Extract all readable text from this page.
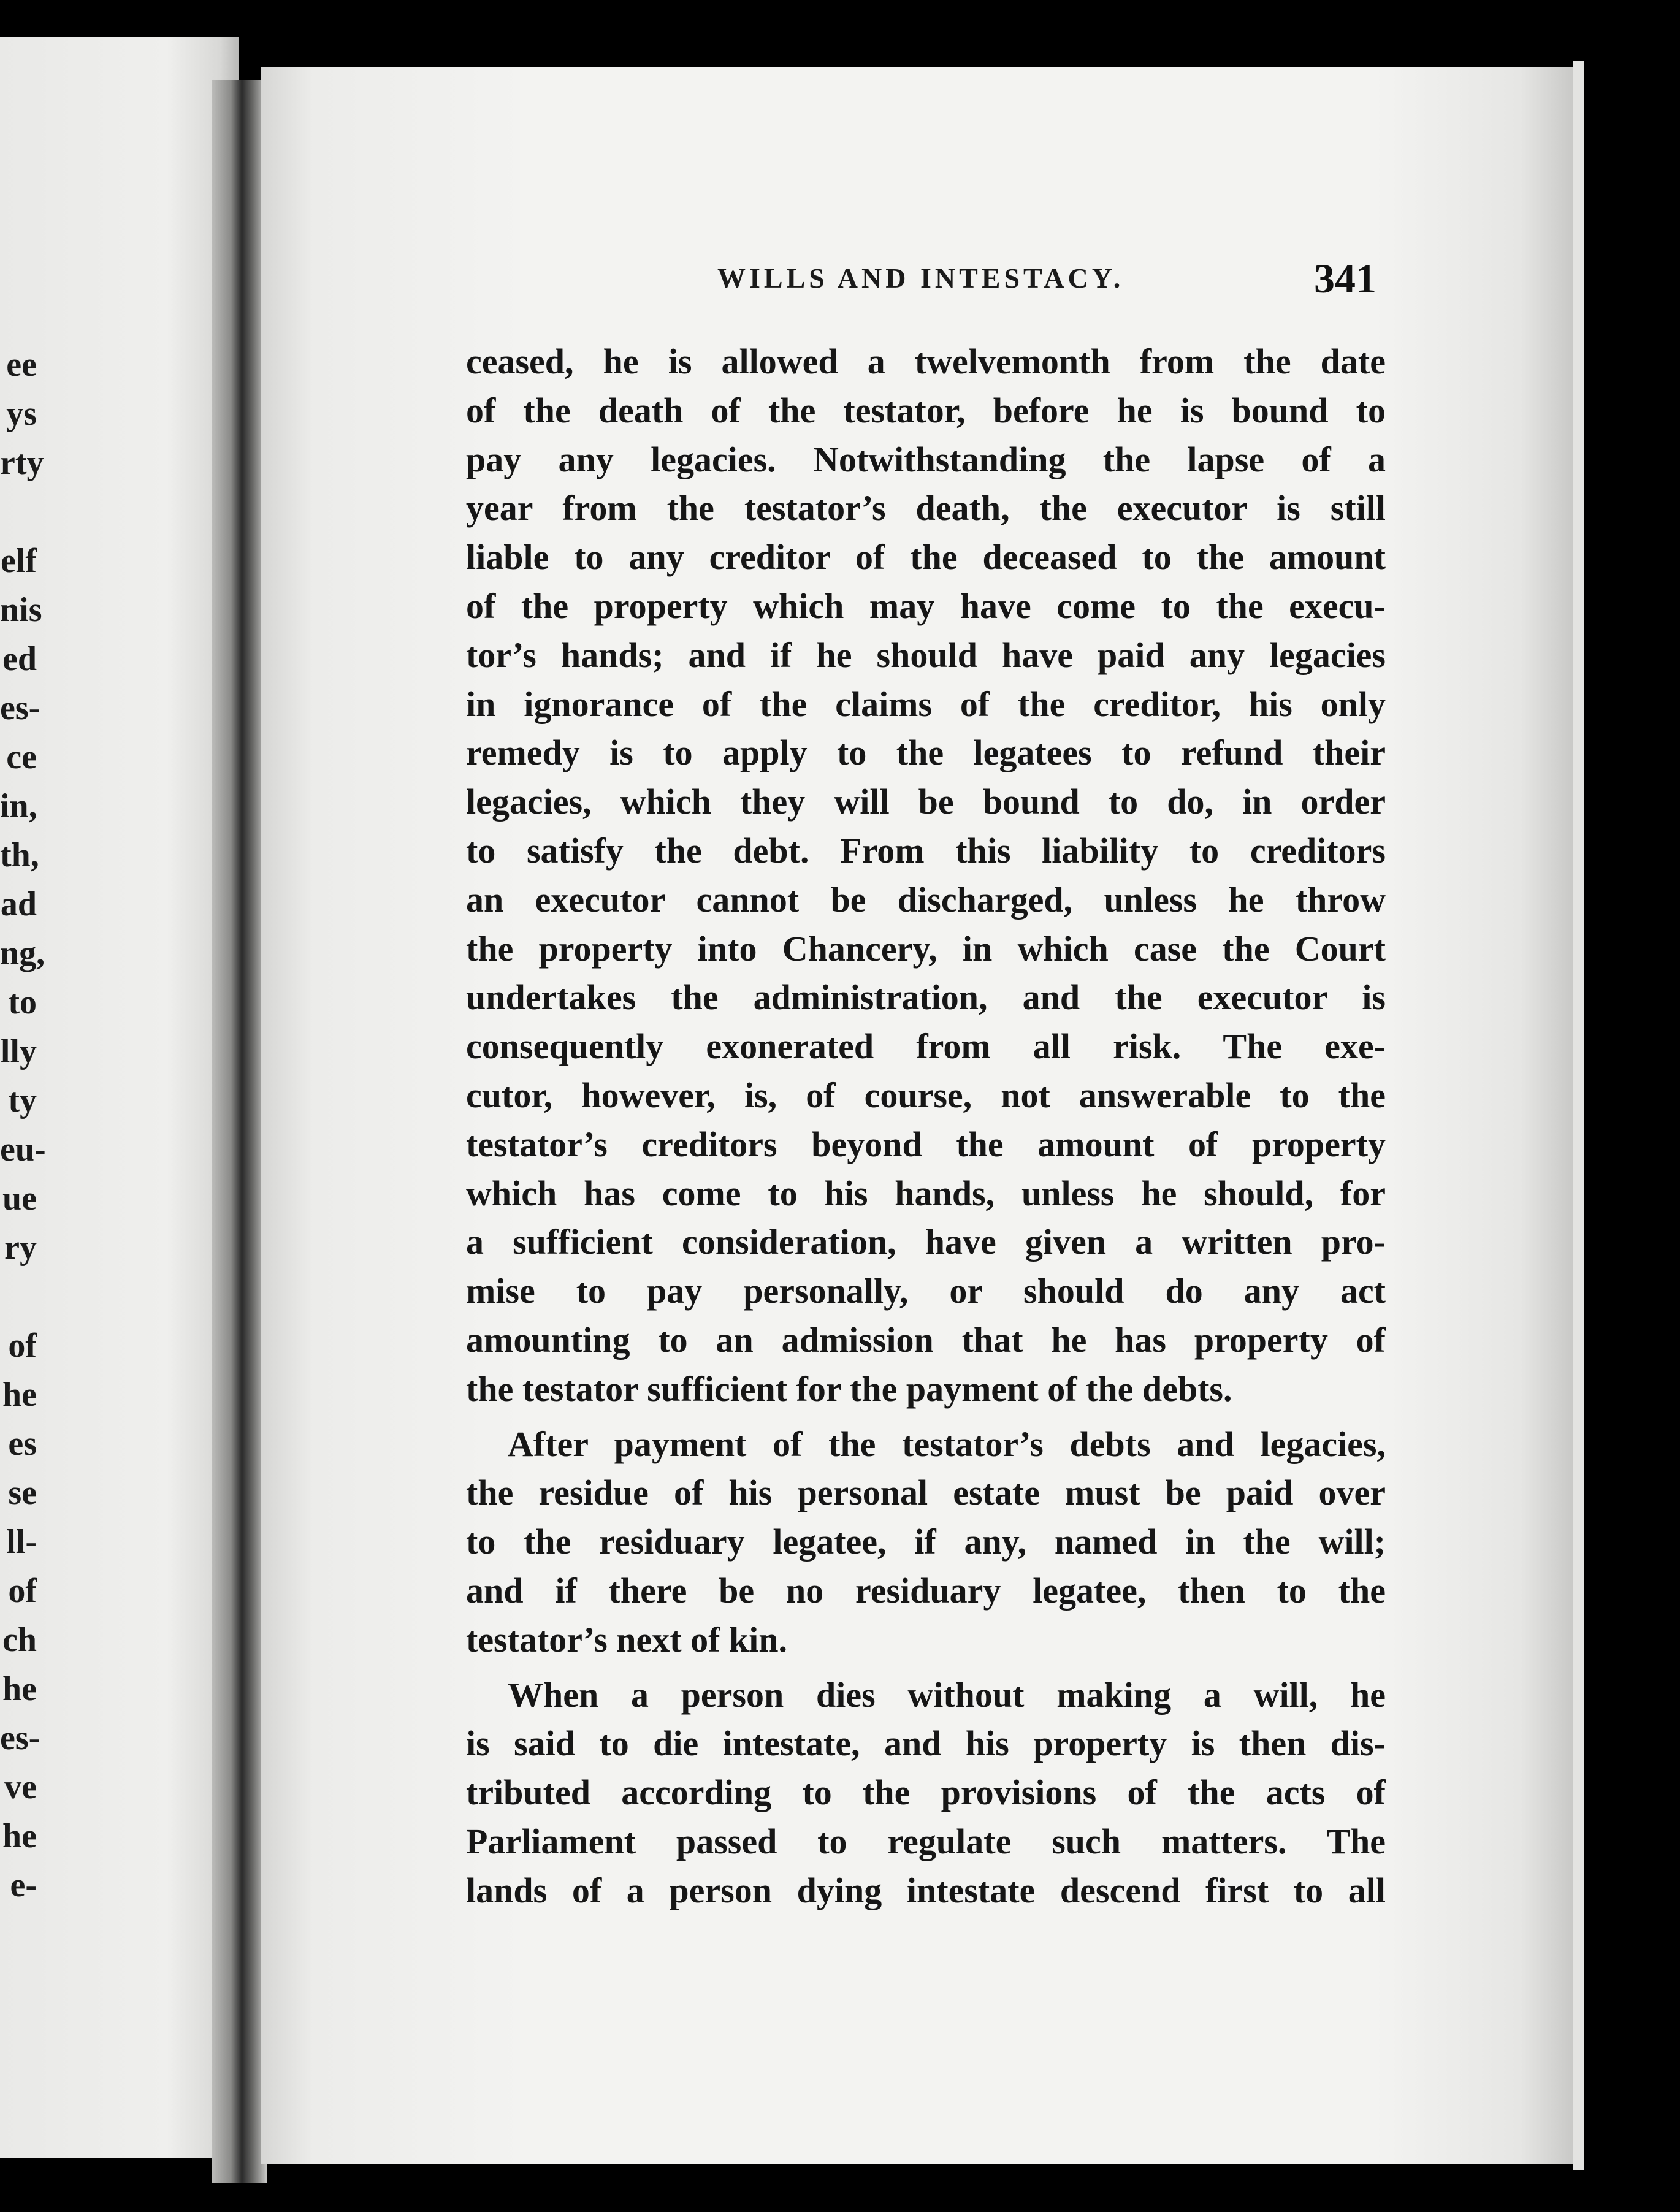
ee
ys
rty
elf
nis
ed
es-
ce
in,
th,
ad
ng,
to
lly
ty
eu-
ue
ry
of
he
es
se
ll-
of
ch
he
es-
ve
he
e-
WILLS AND INTESTACY.	341
ceased, he is allowed a twelvemonth from the date
of the death of the testator, before he is bound to
pay any legacies. Notwithstanding the lapse of a
year from the testator’s death, the executor is still
liable to any creditor of the deceased to the amount
of the property which may have come to the execu-
tor’s hands; and if he should have paid any legacies
in ignorance of the claims of the creditor, his only
remedy is to apply to the legatees to refund their
legacies, which they will be bound to do, in order
to satisfy the debt. From this liability to creditors
an executor cannot be discharged, unless he throw
the property into Chancery, in which case the Court
undertakes the administration, and the executor is
consequently exonerated from all risk. The exe-
cutor, however, is, of course, not answerable to the
testator’s creditors beyond the amount of property
which has come to his hands, unless he should, for
a sufficient consideration, have given a written pro-
mise to pay personally, or should do any act
amounting to an admission that he has property of
the testator sufficient for the payment of the debts.
After payment of the testator’s debts and legacies,
the residue of his personal estate must be paid over
to the residuary legatee, if any, named in the will;
and if there be no residuary legatee, then to the
testator’s next of kin.
When a person dies without making a will, he
is said to die intestate, and his property is then dis-
tributed according to the provisions of the acts of
Parliament passed to regulate such matters. The
lands of a person dying intestate descend first to all
